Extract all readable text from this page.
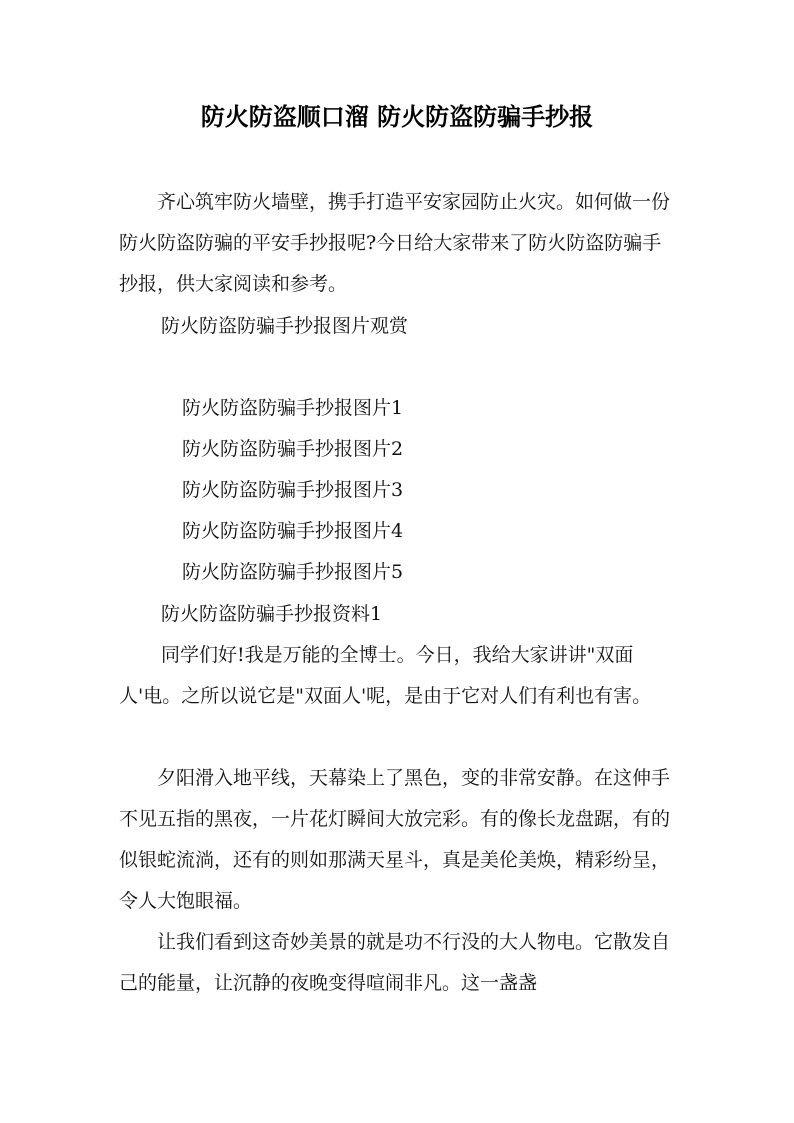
防火防盗顺口溜 防火防盗防骗手抄报

齐心筑牢防火墙壁，携手打造平安家园防止火灾。如何做一份防火防盗防骗的平安手抄报呢?今日给大家带来了防火防盗防骗手抄报，供大家阅读和参考。

防火防盗防骗手抄报图片观赏

防火防盗防骗手抄报图片1

防火防盗防骗手抄报图片2

防火防盗防骗手抄报图片3

防火防盗防骗手抄报图片4

防火防盗防骗手抄报图片5

防火防盗防骗手抄报资料1

同学们好!我是万能的全博士。今日，我给大家讲讲"双面人'电。之所以说它是"双面人'呢，是由于它对人们有利也有害。

夕阳滑入地平线，天幕染上了黑色，变的非常安静。在这伸手不见五指的黑夜，一片花灯瞬间大放完彩。有的像长龙盘踞，有的似银蛇流淌，还有的则如那满天星斗，真是美伦美焕，精彩纷呈，令人大饱眼福。

让我们看到这奇妙美景的就是功不行没的大人物电。它散发自己的能量，让沉静的夜晚变得喧闹非凡。这一盏盏
